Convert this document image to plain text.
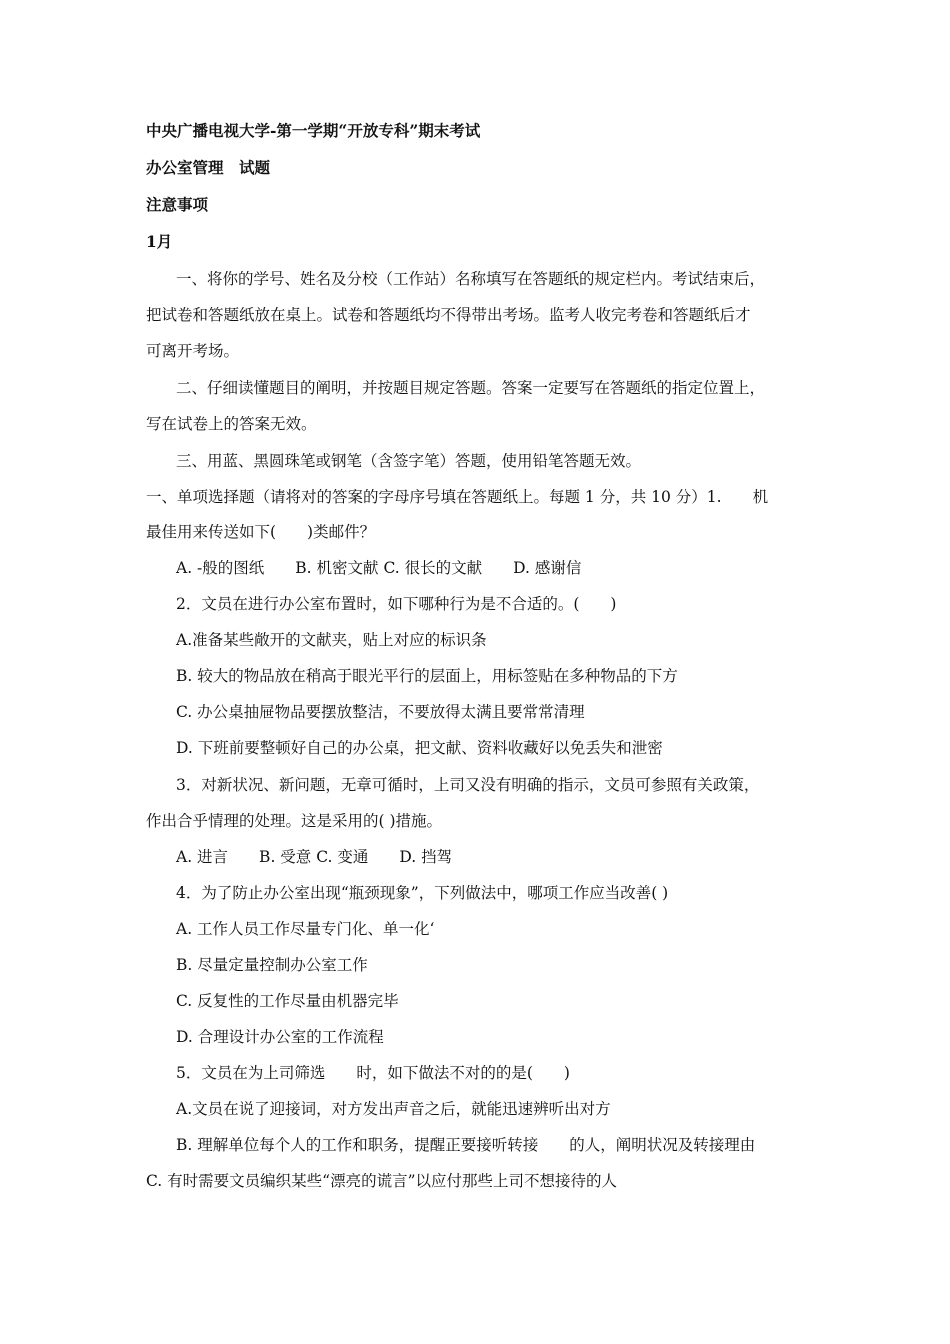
中央广播电视大学-第一学期“开放专科”期末考试
办公室管理　试题
注意事项
1月
一、将你的学号、姓名及分校（工作站）名称填写在答题纸的规定栏内。考试结束后，
把试卷和答题纸放在桌上。试卷和答题纸均不得带出考场。监考人收完考卷和答题纸后才
可离开考场。
二、仔细读懂题目的阐明，并按题目规定答题。答案一定要写在答题纸的指定位置上，
写在试卷上的答案无效。
三、用蓝、黑圆珠笔或钢笔（含签字笔）答题，使用铅笔答题无效。
一、单项选择题（请将对的答案的字母序号填在答题纸上。每题 1 分，共 10 分）1.　　机
最佳用来传送如下(　　)类邮件？
A. -般的图纸　　B. 机密文献 C. 很长的文献　　D. 感谢信
2．文员在进行办公室布置时，如下哪种行为是不合适的。(　　)
A.准备某些敞开的文献夹，贴上对应的标识条
B. 较大的物品放在稍高于眼光平行的层面上，用标签贴在多种物品的下方
C. 办公桌抽屉物品要摆放整洁，不要放得太满且要常常清理
D. 下班前要整顿好自己的办公桌，把文献、资料收藏好以免丢失和泄密
3．对新状况、新问题，无章可循时，上司又没有明确的指示，文员可参照有关政策，
作出合乎情理的处理。这是采用的( )措施。
A. 进言　　B. 受意 C. 变通　　D. 挡驾
4．为了防止办公室出现“瓶颈现象”，下列做法中，哪项工作应当改善( )
A. 工作人员工作尽量专门化、单一化‘
B. 尽量定量控制办公室工作
C. 反复性的工作尽量由机器完毕
D. 合理设计办公室的工作流程
5．文员在为上司筛选　　时，如下做法不对的的是(　　)
A.文员在说了迎接词，对方发出声音之后，就能迅速辨听出对方
B. 理解单位每个人的工作和职务，提醒正要接听转接　　的人，阐明状况及转接理由
C. 有时需要文员编织某些“漂亮的谎言”以应付那些上司不想接待的人
